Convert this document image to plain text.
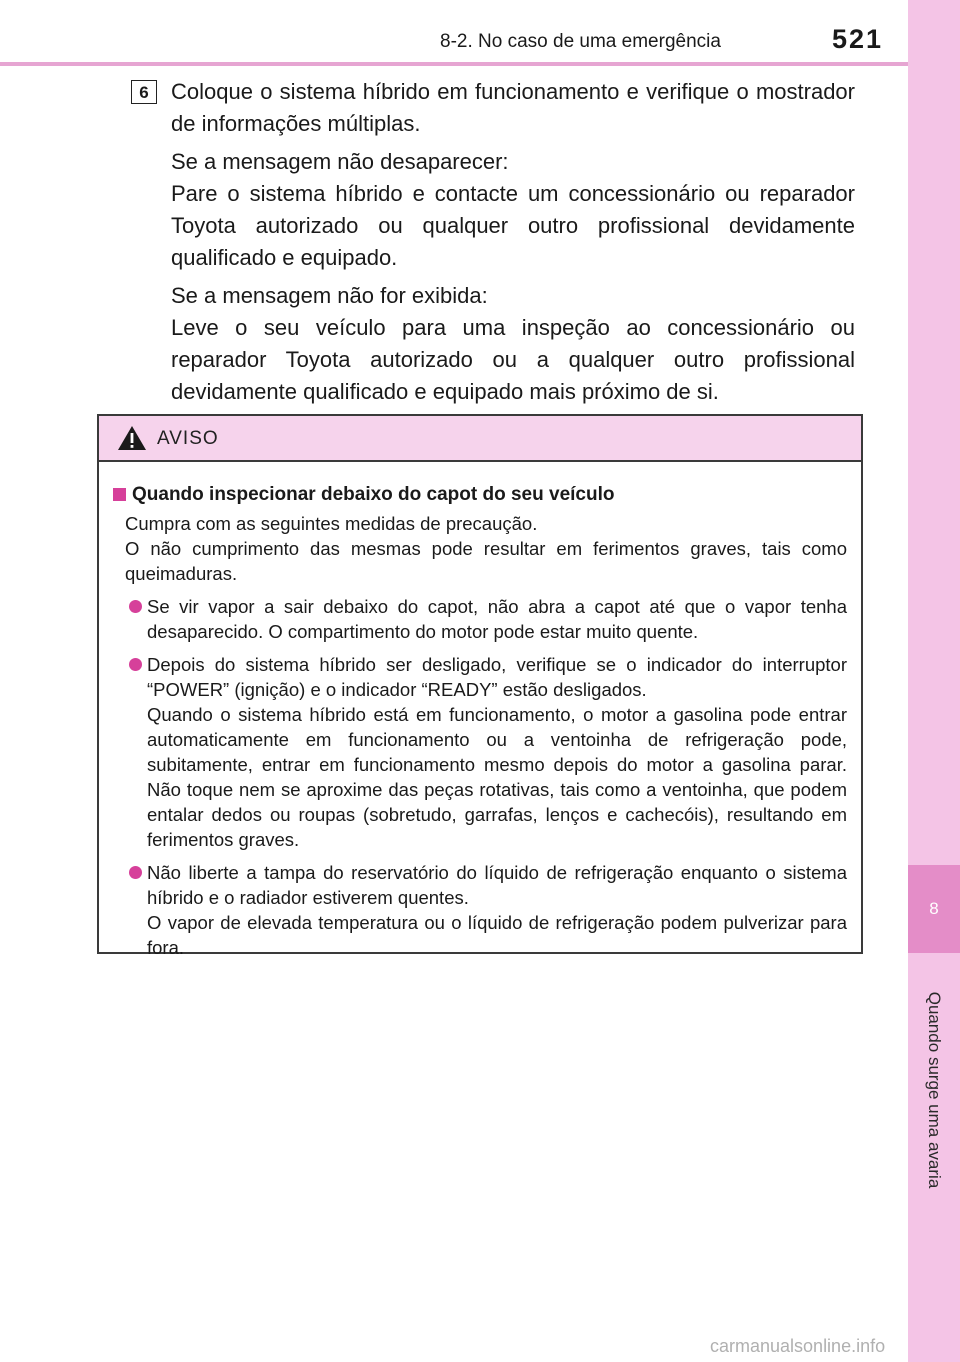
8-2. No caso de uma emergência	521
8
Quando surge uma avaria
6	Coloque o sistema híbrido em funcionamento e verifique o mostrador de informações múltiplas.

Se a mensagem não desaparecer:

Pare o sistema híbrido e contacte um concessionário ou reparador Toyota autorizado ou qualquer outro profissional devidamente qualificado e equipado.

Se a mensagem não for exibida:

Leve o seu veículo para uma inspeção ao concessionário ou reparador Toyota autorizado ou a qualquer outro profissional devidamente qualificado e equipado mais próximo de si.

AVISO
Quando inspecionar debaixo do capot do seu veículo
Cumpra com as seguintes medidas de precaução.
O não cumprimento das mesmas pode resultar em ferimentos graves, tais como queimaduras.
Se vir vapor a sair debaixo do capot, não abra a capot até que o vapor tenha desaparecido. O compartimento do motor pode estar muito quente.
Depois do sistema híbrido ser desligado, verifique se o indicador do interruptor “POWER” (ignição) e o indicador “READY” estão desligados.
Quando o sistema híbrido está em funcionamento, o motor a gasolina pode entrar automaticamente em funcionamento ou a ventoinha de refrigeração pode, subitamente, entrar em funcionamento mesmo depois do motor a gasolina parar. Não toque nem se aproxime das peças rotativas, tais como a ventoinha, que podem entalar dedos ou roupas (sobretudo, garrafas, lenços e cachecóis), resultando em ferimentos graves.
Não liberte a tampa do reservatório do líquido de refrigeração enquanto o sistema híbrido e o radiador estiverem quentes.
O vapor de elevada temperatura ou o líquido de refrigeração podem pulverizar para fora.
carmanualsonline.info
